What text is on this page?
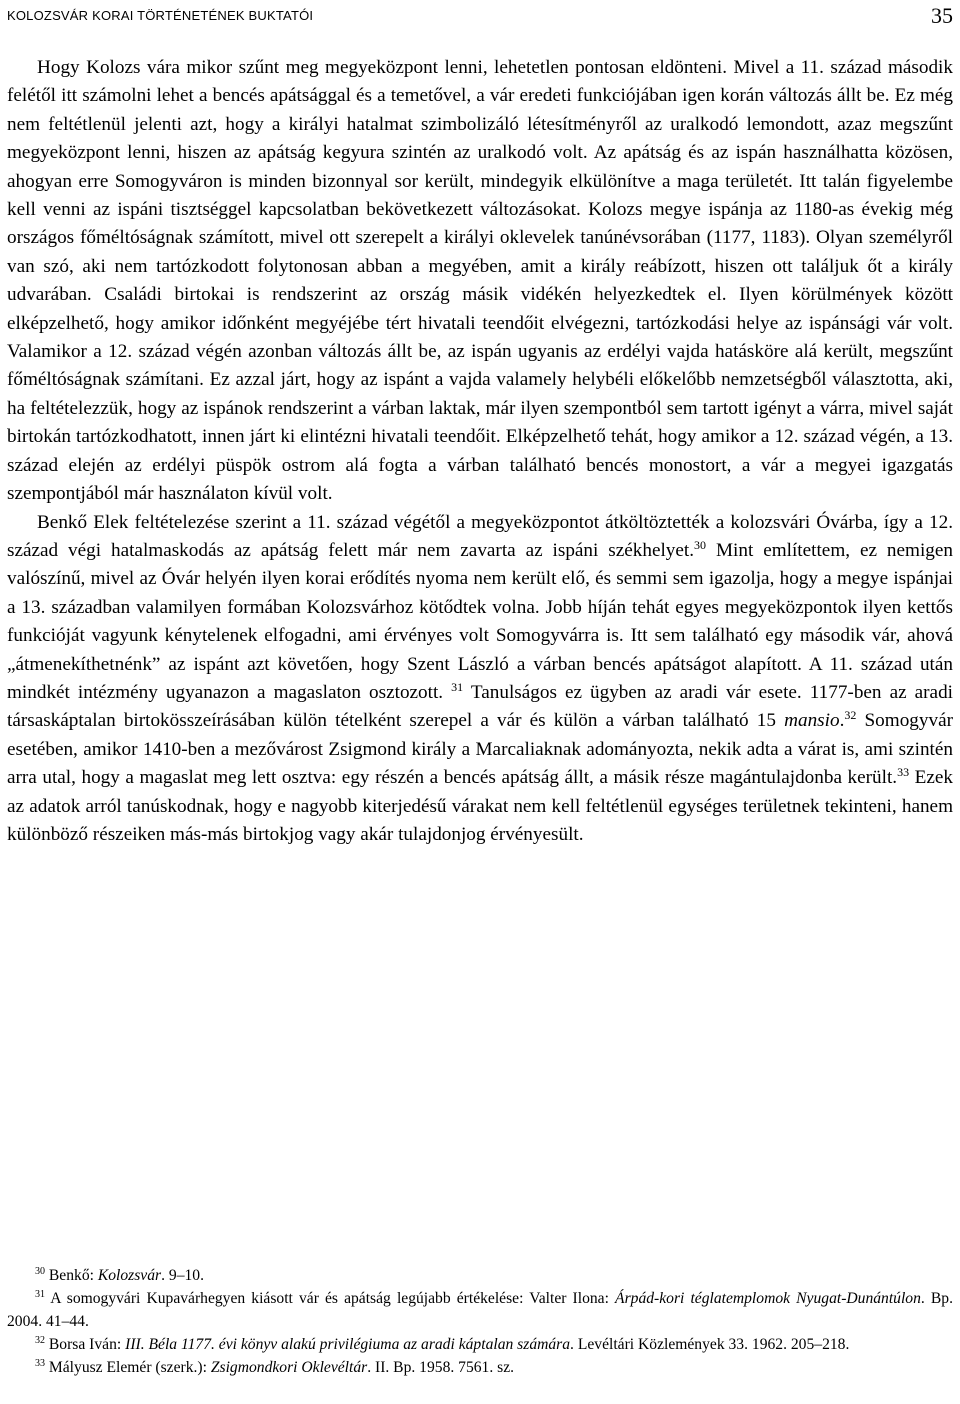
KOLOZSVÁR KORAI TÖRTÉNETÉNEK BUKTATÓI	35

Hogy Kolozs vára mikor szűnt meg megyeközpont lenni, lehetetlen pontosan eldönteni. Mivel a 11. század második felétől itt számolni lehet a bencés apátsággal és a temetővel, a vár eredeti funkciójában igen korán változás állt be. Ez még nem feltétlenül jelenti azt, hogy a királyi hatalmat szimbolizáló létesítményről az uralkodó lemondott, azaz megszűnt megyeközpont lenni, hiszen az apátság kegyura szintén az uralkodó volt. Az apátság és az ispán használhatta közösen, ahogyan erre Somogyváron is minden bizonnyal sor került, mindegyik elkülönítve a maga területét. Itt talán figyelembe kell venni az ispáni tisztséggel kapcsolatban bekövetkezett változásokat. Kolozs megye ispánja az 1180-as évekig még országos főméltóságnak számított, mivel ott szerepelt a királyi oklevelek tanúnévsorában (1177, 1183). Olyan személyről van szó, aki nem tartózkodott folytonosan abban a megyében, amit a király reábízott, hiszen ott találjuk őt a király udvarában. Családi birtokai is rendszerint az ország másik vidékén helyezkedtek el. Ilyen körülmények között elképzelhető, hogy amikor időnként megyéjébe tért hivatali teendőit elvégezni, tartózkodási helye az ispánsági vár volt. Valamikor a 12. század végén azonban változás állt be, az ispán ugyanis az erdélyi vajda hatásköre alá került, megszűnt főméltóságnak számítani. Ez azzal járt, hogy az ispánt a vajda valamely helybéli előkelőbb nemzetségből választotta, aki, ha feltételezzük, hogy az ispánok rendszerint a várban laktak, már ilyen szempontból sem tartott igényt a várra, mivel saját birtokán tartózkodhatott, innen járt ki elintézni hivatali teendőit. Elképzelhető tehát, hogy amikor a 12. század végén, a 13. század elején az erdélyi püspök ostrom alá fogta a várban található bencés monostort, a vár a megyei igazgatás szempontjából már használaton kívül volt.

Benkő Elek feltételezése szerint a 11. század végétől a megyeközpontot átköltöztették a kolozsvári Óvárba, így a 12. század végi hatalmaskodás az apátság felett már nem zavarta az ispáni székhelyet.$^{30}$ Mint említettem, ez nemigen valószínű, mivel az Óvár helyén ilyen korai erődítés nyoma nem került elő, és semmi sem igazolja, hogy a megye ispánjai a 13. században valamilyen formában Kolozsvárhoz kötődtek volna. Jobb híján tehát egyes megyeközpontok ilyen kettős funkcióját vagyunk kénytelenek elfogadni, ami érvényes volt Somogyvárra is. Itt sem található egy második vár, ahová „átmenekíthetnénk” az ispánt azt követően, hogy Szent László a várban bencés apátságot alapított. A 11. század után mindkét intézmény ugyanazon a magaslaton osztozott. $^{31}$ Tanulságos ez ügyben az aradi vár esete. 1177-ben az aradi társaskáptalan birtokösszeírásában külön tételként szerepel a vár és külön a várban található 15 mansio.$^{32}$ Somogyvár esetében, amikor 1410-ben a mezővárost Zsigmond király a Marcaliaknak adományozta, nekik adta a várat is, ami szintén arra utal, hogy a magaslat meg lett osztva: egy részén a bencés apátság állt, a másik része magántulajdonba került.$^{33}$ Ezek az adatok arról tanúskodnak, hogy e nagyobb kiterjedésű várakat nem kell feltétlenül egységes területnek tekinteni, hanem különböző részeiken más-más birtokjog vagy akár tulajdonjog érvényesült.

$^{30}$ Benkő: Kolozsvár. 9–10.

$^{31}$ A somogyvári Kupavárhegyen kiásott vár és apátság legújabb értékelése: Valter Ilona: Árpád-kori téglatemplomok Nyugat-Dunántúlon. Bp. 2004. 41–44.

$^{32}$ Borsa Iván: III. Béla 1177. évi könyv alakú privilégiuma az aradi káptalan számára. Levéltári Közlemények 33. 1962. 205–218.

$^{33}$ Mályusz Elemér (szerk.): Zsigmondkori Oklevéltár. II. Bp. 1958. 7561. sz.
